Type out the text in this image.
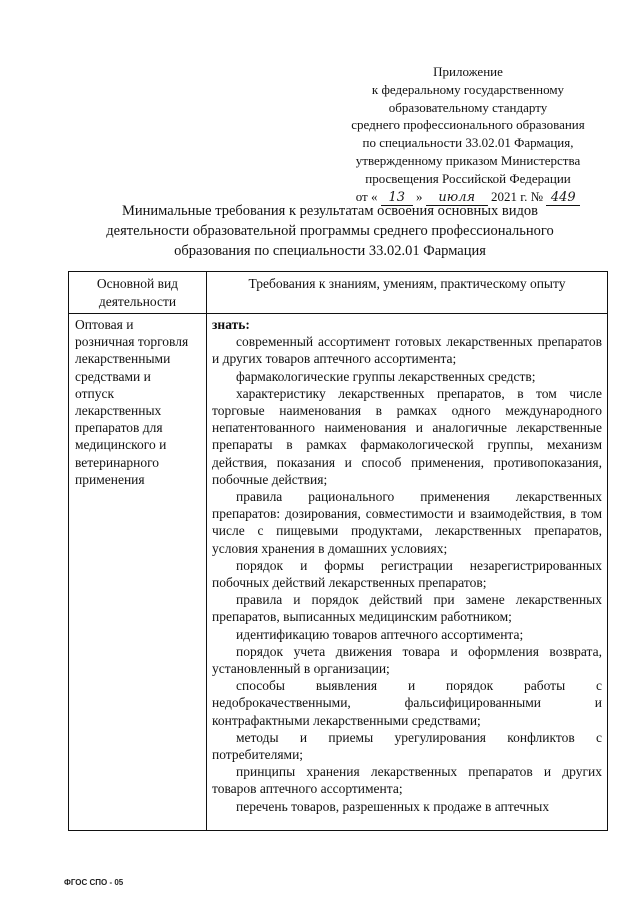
Приложение
к федеральному государственному
образовательному стандарту
среднего профессионального образования
по специальности 33.02.01 Фармация,
утвержденному приказом Министерства
просвещения Российской Федерации
от « 13 » июля 2021 г. № 449
Минимальные требования к результатам освоения основных видов
деятельности образовательной программы среднего профессионального
образования по специальности 33.02.01 Фармация
Основной вид
деятельности
Требования к знаниям, умениям, практическому опыту
Оптовая и
розничная торговля
лекарственными
средствами и
отпуск
лекарственных
препаратов для
медицинского и
ветеринарного
применения
знать:

современный ассортимент готовых лекарственных препаратов и других товаров аптечного ассортимента;

фармакологические группы лекарственных средств;

характеристику лекарственных препаратов, в том числе торговые наименования в рамках одного международного непатентованного наименования и аналогичные лекарственные препараты в рамках фармакологической группы, механизм действия, показания и способ применения, противопоказания, побочные действия;

правила рационального применения лекарственных препаратов: дозирования, совместимости и взаимодействия, в том числе с пищевыми продуктами, лекарственных препаратов, условия хранения в домашних условиях;

порядок и формы регистрации незарегистрированных побочных действий лекарственных препаратов;

правила и порядок действий при замене лекарственных препаратов, выписанных медицинским работником;

идентификацию товаров аптечного ассортимента;

порядок учета движения товара и оформления возврата, установленный в организации;

способы выявления и порядок работы с недоброкачественными, фальсифицированными и контрафактными лекарственными средствами;

методы и приемы урегулирования конфликтов с потребителями;

принципы хранения лекарственных препаратов и других товаров аптечного ассортимента;

перечень товаров, разрешенных к продаже в аптечных

ФГОС СПО - 05
